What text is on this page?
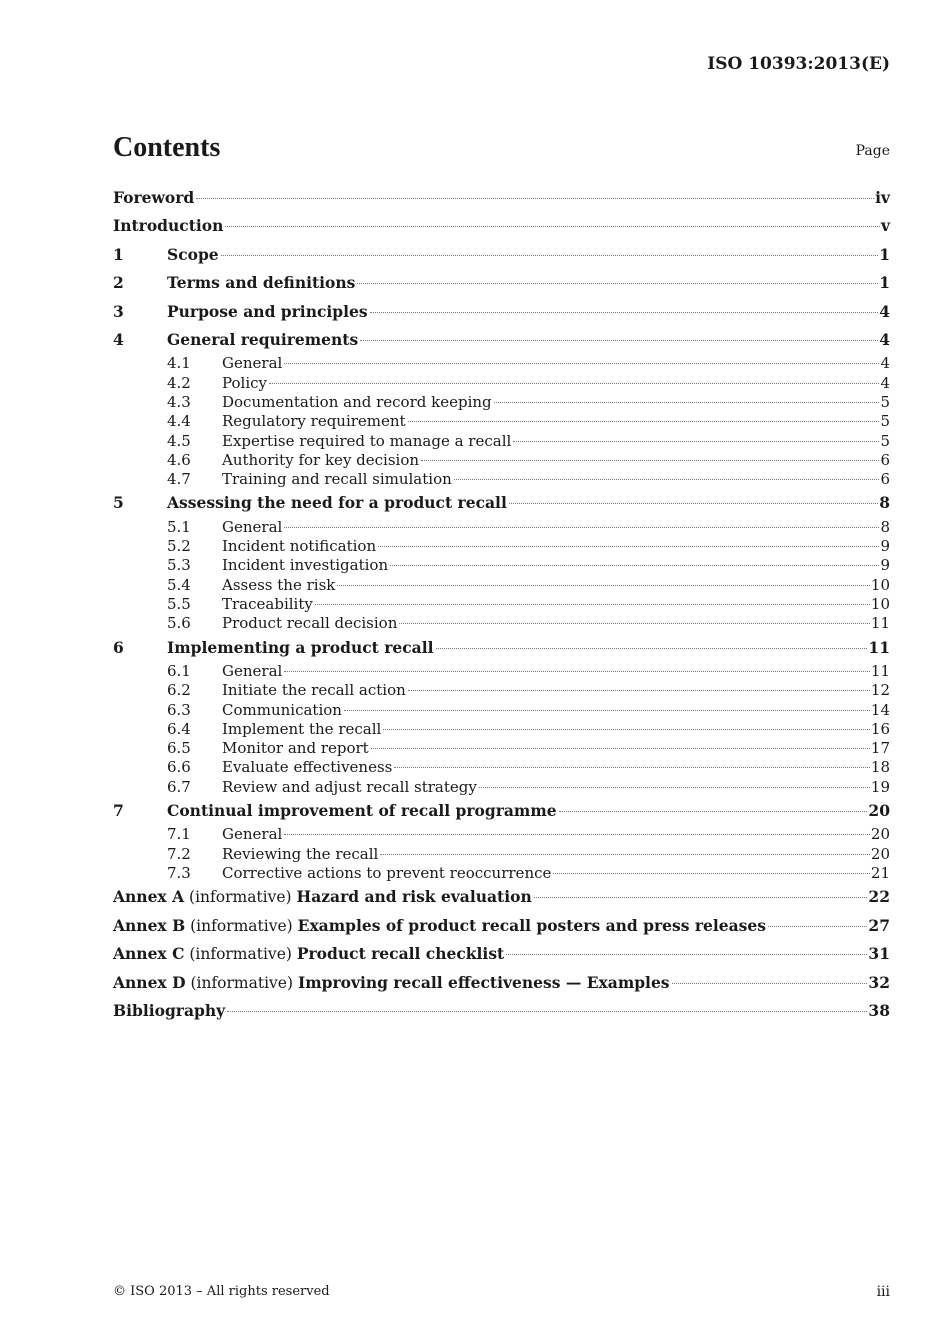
ISO 10393:2013(E)
Contents	Page
Foreword	iv
Introduction	v
1	Scope	1
2	Terms and definitions	1
3	Purpose and principles	4
4	General requirements	4
4.1	General	4
4.2	Policy	4
4.3	Documentation and record keeping	5
4.4	Regulatory requirement	5
4.5	Expertise required to manage a recall	5
4.6	Authority for key decision	6
4.7	Training and recall simulation	6
5	Assessing the need for a product recall	8
5.1	General	8
5.2	Incident notification	9
5.3	Incident investigation	9
5.4	Assess the risk	10
5.5	Traceability	10
5.6	Product recall decision	11
6	Implementing a product recall	11
6.1	General	11
6.2	Initiate the recall action	12
6.3	Communication	14
6.4	Implement the recall	16
6.5	Monitor and report	17
6.6	Evaluate effectiveness	18
6.7	Review and adjust recall strategy	19
7	Continual improvement of recall programme	20
7.1	General	20
7.2	Reviewing the recall	20
7.3	Corrective actions to prevent reoccurrence	21
Annex A (informative) Hazard and risk evaluation	22
Annex B (informative) Examples of product recall posters and press releases	27
Annex C (informative) Product recall checklist	31
Annex D (informative) Improving recall effectiveness — Examples	32
Bibliography	38
© ISO 2013 – All rights reserved	iii
